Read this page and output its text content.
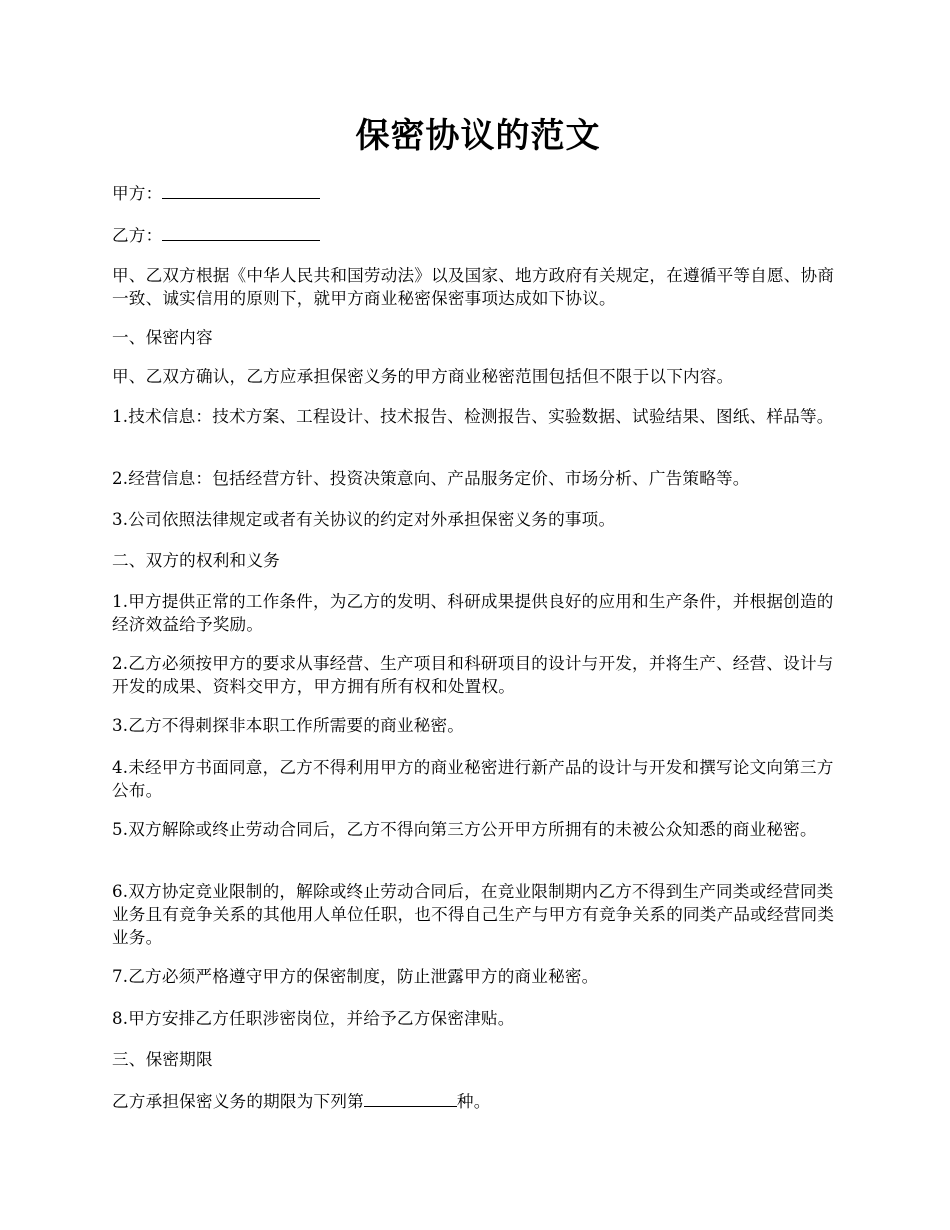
保密协议的范文

甲方：

乙方：

甲、乙双方根据《中华人民共和国劳动法》以及国家、地方政府有关规定，在遵循平等自愿、协商一致、诚实信用的原则下，就甲方商业秘密保密事项达成如下协议。

一、保密内容

甲、乙双方确认，乙方应承担保密义务的甲方商业秘密范围包括但不限于以下内容。

1.技术信息：技术方案、工程设计、技术报告、检测报告、实验数据、试验结果、图纸、样品等。

2.经营信息：包括经营方针、投资决策意向、产品服务定价、市场分析、广告策略等。

3.公司依照法律规定或者有关协议的约定对外承担保密义务的事项。

二、双方的权利和义务

1.甲方提供正常的工作条件，为乙方的发明、科研成果提供良好的应用和生产条件，并根据创造的经济效益给予奖励。

2.乙方必须按甲方的要求从事经营、生产项目和科研项目的设计与开发，并将生产、经营、设计与开发的成果、资料交甲方，甲方拥有所有权和处置权。

3.乙方不得刺探非本职工作所需要的商业秘密。

4.未经甲方书面同意，乙方不得利用甲方的商业秘密进行新产品的设计与开发和撰写论文向第三方公布。

5.双方解除或终止劳动合同后，乙方不得向第三方公开甲方所拥有的未被公众知悉的商业秘密。

6.双方协定竞业限制的，解除或终止劳动合同后，在竞业限制期内乙方不得到生产同类或经营同类业务且有竞争关系的其他用人单位任职，也不得自己生产与甲方有竞争关系的同类产品或经营同类业务。

7.乙方必须严格遵守甲方的保密制度，防止泄露甲方的商业秘密。

8.甲方安排乙方任职涉密岗位，并给予乙方保密津贴。

三、保密期限

乙方承担保密义务的期限为下列第	种。
